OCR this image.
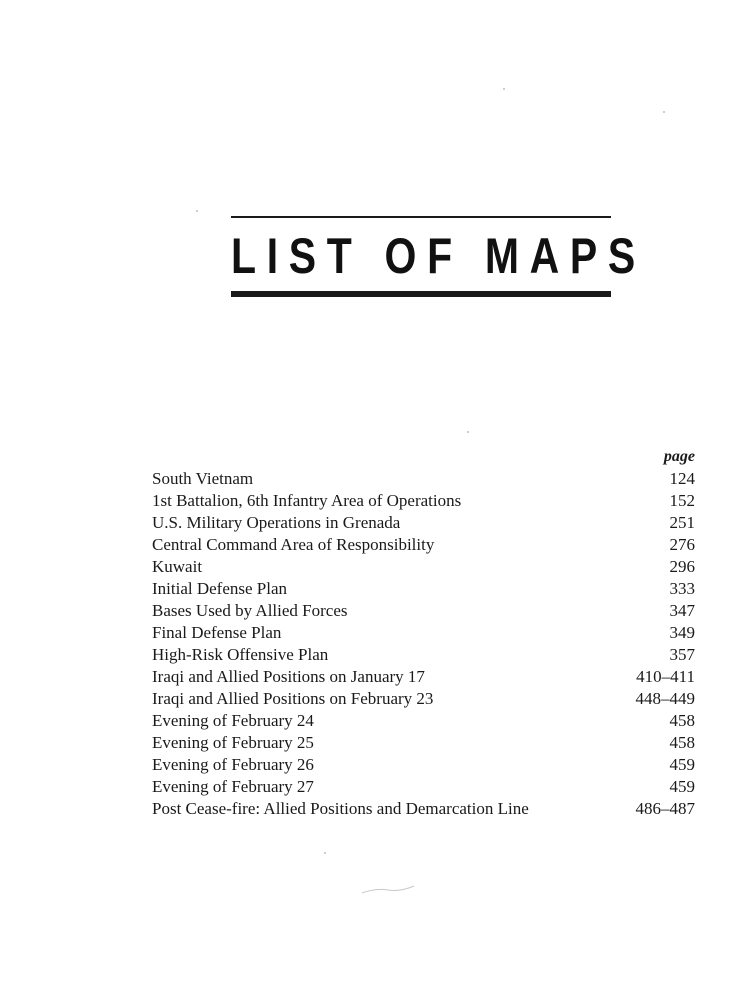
LIST OF MAPS
page
South Vietnam	124
1st Battalion, 6th Infantry Area of Operations	152
U.S. Military Operations in Grenada	251
Central Command Area of Responsibility	276
Kuwait	296
Initial Defense Plan	333
Bases Used by Allied Forces	347
Final Defense Plan	349
High-Risk Offensive Plan	357
Iraqi and Allied Positions on January 17	410–411
Iraqi and Allied Positions on February 23	448–449
Evening of February 24	458
Evening of February 25	458
Evening of February 26	459
Evening of February 27	459
Post Cease-fire: Allied Positions and Demarcation Line	486–487
